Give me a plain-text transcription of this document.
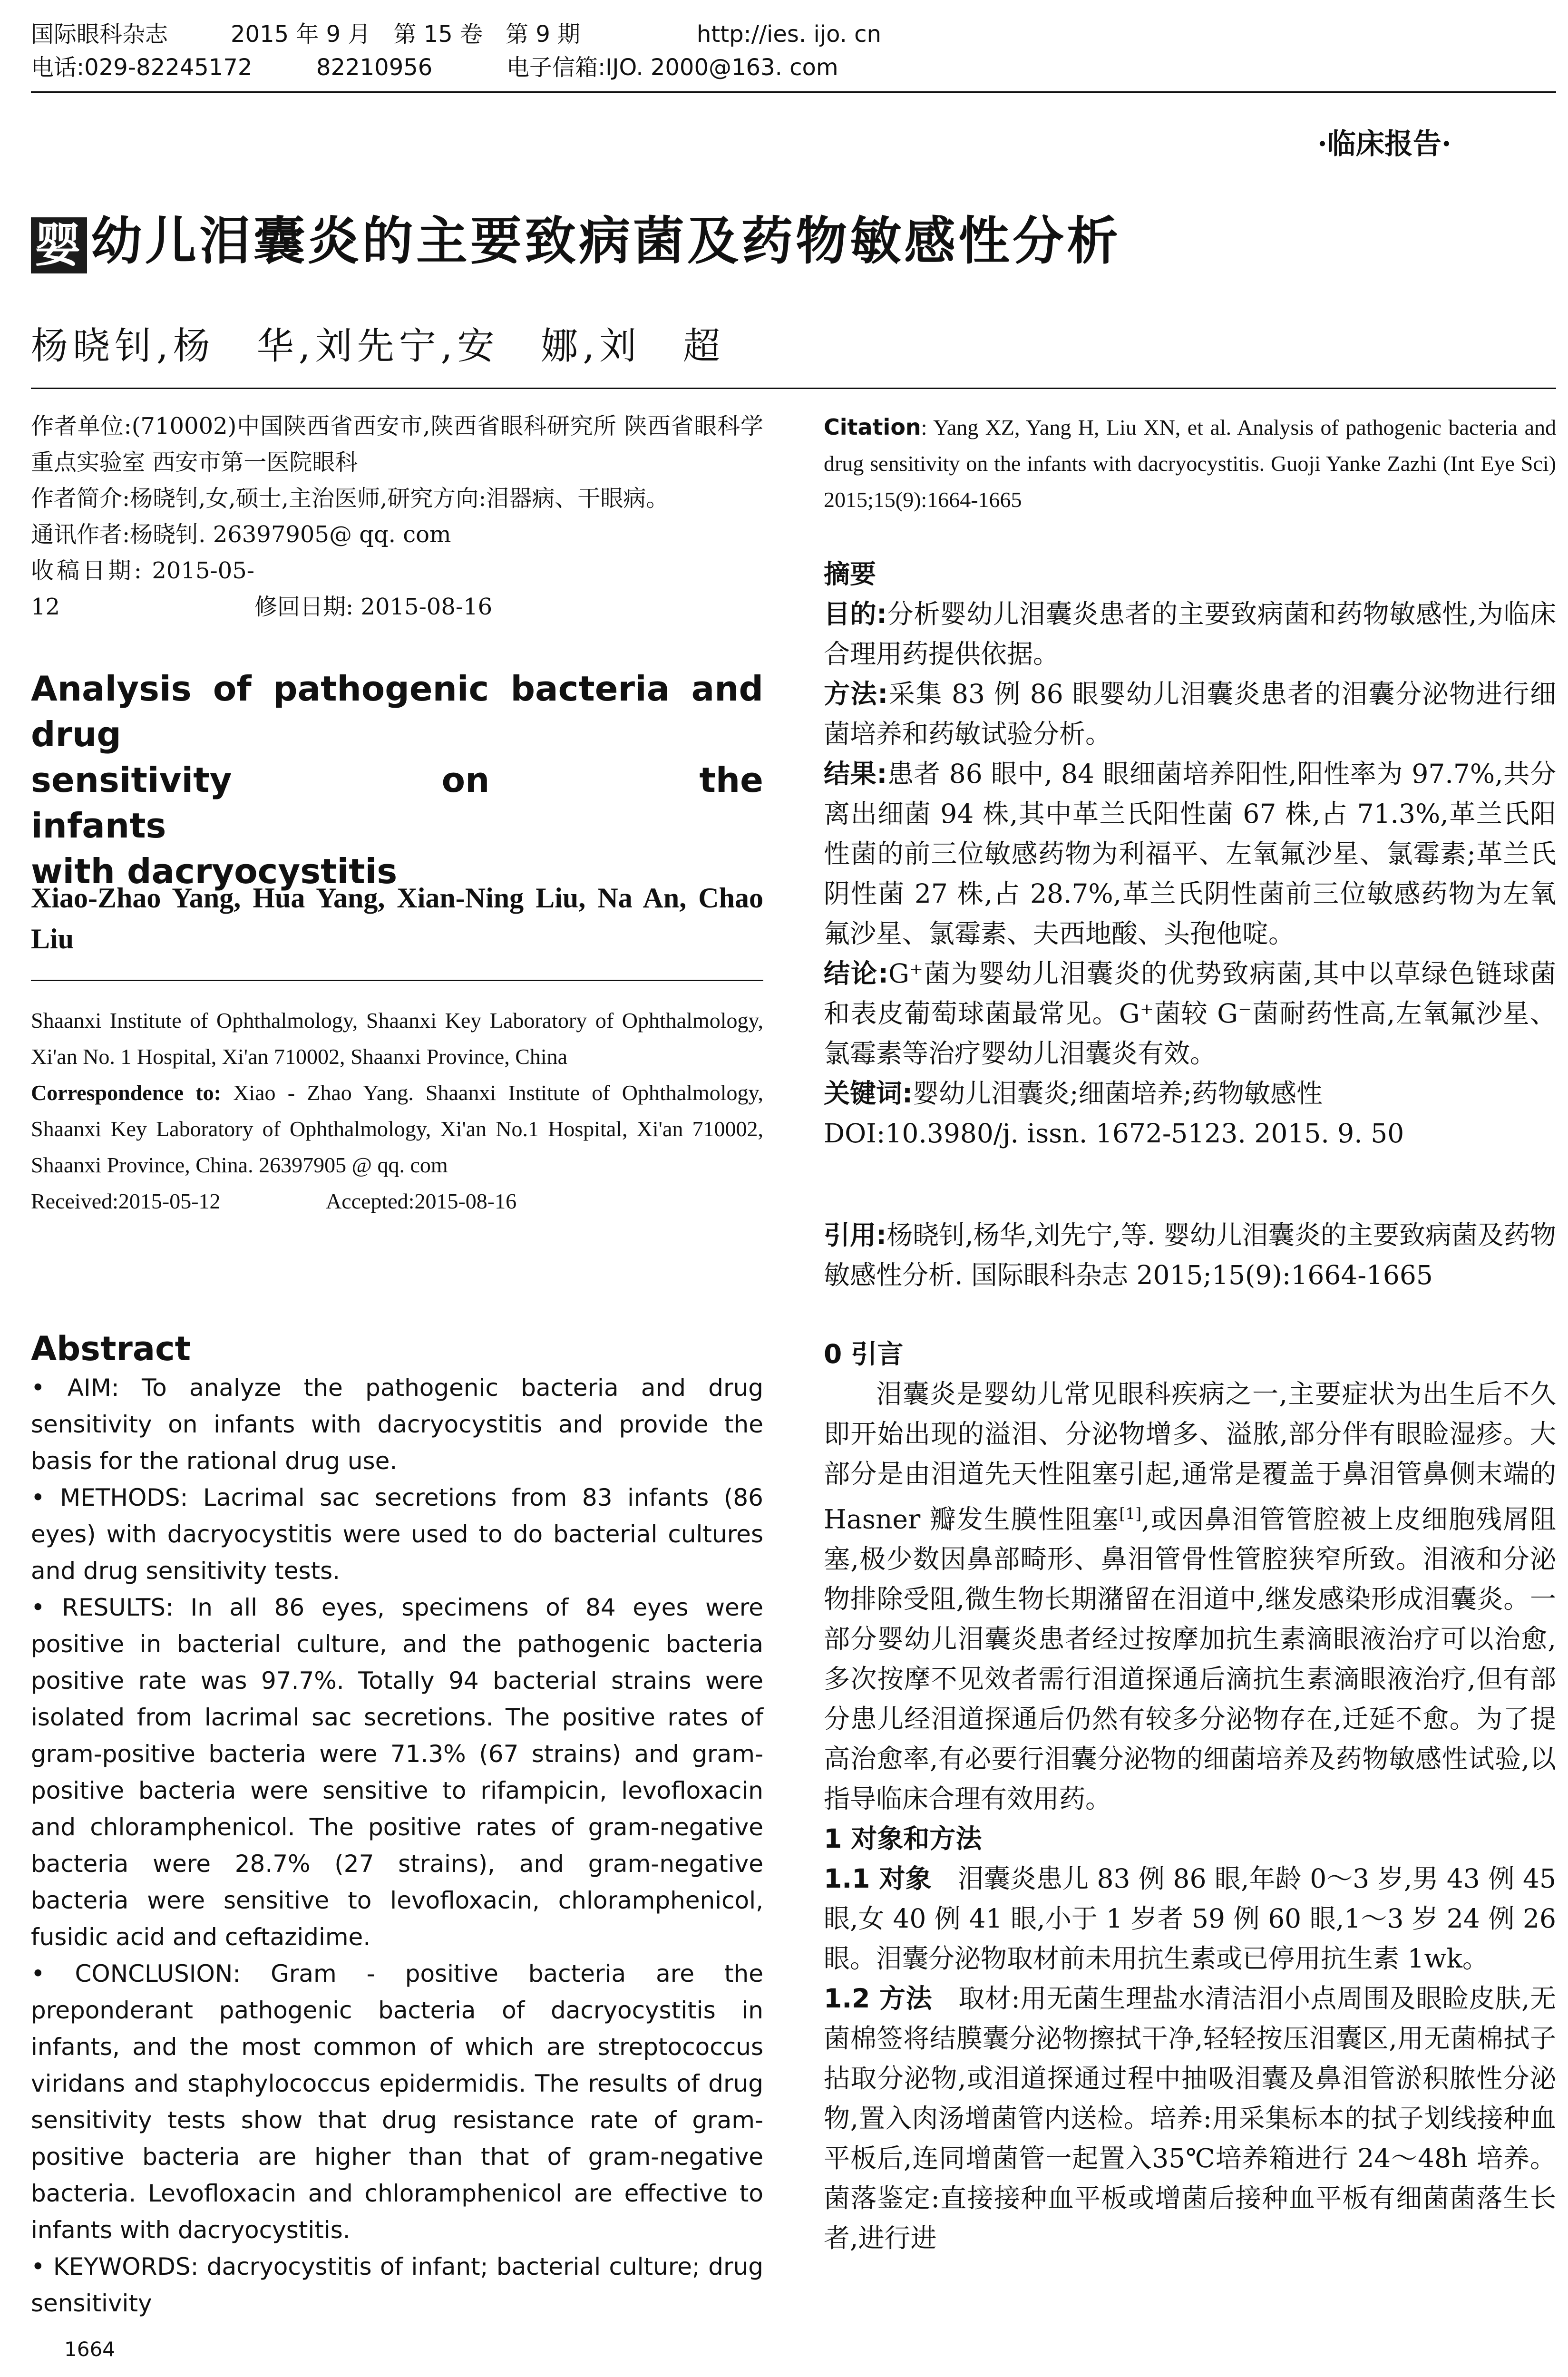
国际眼科杂志	2015 年 9 月　第 15 卷　第 9 期	http://ies. ijo. cn
电话:029-82245172	82210956	电子信箱:IJO. 2000@163. com
·临床报告·
婴 幼儿泪囊炎的主要致病菌及药物敏感性分析
杨晓钊,杨　华,刘先宁,安　娜,刘　超

作者单位:(710002)中国陕西省西安市,陕西省眼科研究所 陕西省眼科学重点实验室 西安市第一医院眼科

作者简介:杨晓钊,女,硕士,主治医师,研究方向:泪器病、干眼病。

通讯作者:杨晓钊. 26397905@ qq. com

收稿日期: 2015-05-12	修回日期: 2015-08-16

Analysis of pathogenic bacteria and drug
sensitivity on the infants
with dacryocystitis
Xiao-Zhao Yang, Hua Yang, Xian-Ning Liu, Na An, Chao Liu

Shaanxi Institute of Ophthalmology, Shaanxi Key Laboratory of Ophthalmology, Xi'an No. 1 Hospital, Xi'an 710002, Shaanxi Province, China

Correspondence to: Xiao - Zhao Yang. Shaanxi Institute of Ophthalmology, Shaanxi Key Laboratory of Ophthalmology, Xi'an No.1 Hospital, Xi'an 710002, Shaanxi Province, China. 26397905 @ qq. com

Received:2015-05-12	Accepted:2015-08-16

Abstract

• AIM: To analyze the pathogenic bacteria and drug sensitivity on infants with dacryocystitis and provide the basis for the rational drug use.

• METHODS: Lacrimal sac secretions from 83 infants (86 eyes) with dacryocystitis were used to do bacterial cultures and drug sensitivity tests.

• RESULTS: In all 86 eyes, specimens of 84 eyes were positive in bacterial culture, and the pathogenic bacteria positive rate was 97.7%. Totally 94 bacterial strains were isolated from lacrimal sac secretions. The positive rates of gram-positive bacteria were 71.3% (67 strains) and gram-positive bacteria were sensitive to rifampicin, levofloxacin and chloramphenicol. The positive rates of gram-negative bacteria were 28.7% (27 strains), and gram-negative bacteria were sensitive to levofloxacin, chloramphenicol, fusidic acid and ceftazidime.

• CONCLUSION: Gram - positive bacteria are the preponderant pathogenic bacteria of dacryocystitis in infants, and the most common of which are streptococcus viridans and staphylococcus epidermidis. The results of drug sensitivity tests show that drug resistance rate of gram-positive bacteria are higher than that of gram-negative bacteria. Levofloxacin and chloramphenicol are effective to infants with dacryocystitis.

• KEYWORDS: dacryocystitis of infant; bacterial culture; drug sensitivity

1664
Citation: Yang XZ, Yang H, Liu XN, et al. Analysis of pathogenic bacteria and drug sensitivity on the infants with dacryocystitis. Guoji Yanke Zazhi (Int Eye Sci) 2015;15(9):1664-1665

摘要

目的:分析婴幼儿泪囊炎患者的主要致病菌和药物敏感性,为临床合理用药提供依据。

方法:采集 83 例 86 眼婴幼儿泪囊炎患者的泪囊分泌物进行细菌培养和药敏试验分析。

结果:患者 86 眼中, 84 眼细菌培养阳性,阳性率为 97.7%,共分离出细菌 94 株,其中革兰氏阳性菌 67 株,占 71.3%,革兰氏阳性菌的前三位敏感药物为利福平、左氧氟沙星、氯霉素;革兰氏阴性菌 27 株,占 28.7%,革兰氏阴性菌前三位敏感药物为左氧氟沙星、氯霉素、夫西地酸、头孢他啶。

结论:G⁺菌为婴幼儿泪囊炎的优势致病菌,其中以草绿色链球菌和表皮葡萄球菌最常见。G⁺菌较 G⁻菌耐药性高,左氧氟沙星、氯霉素等治疗婴幼儿泪囊炎有效。

关键词:婴幼儿泪囊炎;细菌培养;药物敏感性

DOI:10.3980/j. issn. 1672-5123. 2015. 9. 50

引用:杨晓钊,杨华,刘先宁,等. 婴幼儿泪囊炎的主要致病菌及药物敏感性分析. 国际眼科杂志 2015;15(9):1664-1665

0 引言

泪囊炎是婴幼儿常见眼科疾病之一,主要症状为出生后不久即开始出现的溢泪、分泌物增多、溢脓,部分伴有眼睑湿疹。大部分是由泪道先天性阻塞引起,通常是覆盖于鼻泪管鼻侧末端的 Hasner 瓣发生膜性阻塞[1],或因鼻泪管管腔被上皮细胞残屑阻塞,极少数因鼻部畸形、鼻泪管骨性管腔狭窄所致。泪液和分泌物排除受阻,微生物长期潴留在泪道中,继发感染形成泪囊炎。一部分婴幼儿泪囊炎患者经过按摩加抗生素滴眼液治疗可以治愈,多次按摩不见效者需行泪道探通后滴抗生素滴眼液治疗,但有部分患儿经泪道探通后仍然有较多分泌物存在,迁延不愈。为了提高治愈率,有必要行泪囊分泌物的细菌培养及药物敏感性试验,以指导临床合理有效用药。

1 对象和方法

1.1 对象　泪囊炎患儿 83 例 86 眼,年龄 0～3 岁,男 43 例 45 眼,女 40 例 41 眼,小于 1 岁者 59 例 60 眼,1～3 岁 24 例 26 眼。泪囊分泌物取材前未用抗生素或已停用抗生素 1wk。

1.2 方法　取材:用无菌生理盐水清洁泪小点周围及眼睑皮肤,无菌棉签将结膜囊分泌物擦拭干净,轻轻按压泪囊区,用无菌棉拭子拈取分泌物,或泪道探通过程中抽吸泪囊及鼻泪管淤积脓性分泌物,置入肉汤增菌管内送检。培养:用采集标本的拭子划线接种血平板后,连同增菌管一起置入35℃培养箱进行 24～48h 培养。菌落鉴定:直接接种血平板或增菌后接种血平板有细菌菌落生长者,进行进
